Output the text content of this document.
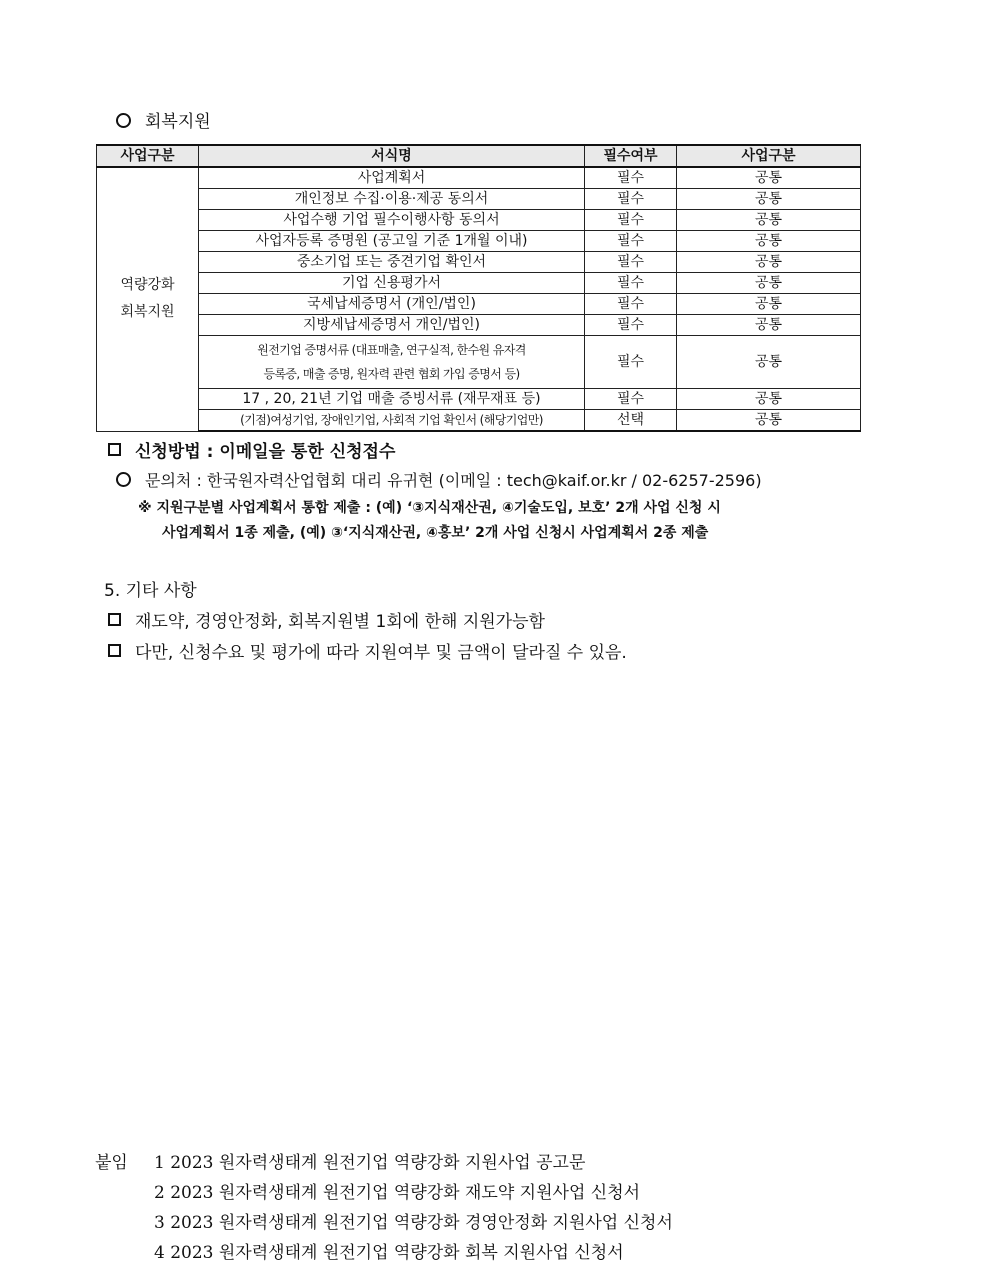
회복지원
사업구분	서식명	필수여부	사업구분

역량강화
회복지원	사업계획서	필수	공통
	개인정보 수집·이용·제공 동의서	필수	공통
	사업수행 기업 필수이행사항 동의서	필수	공통
	사업자등록 증명원 (공고일 기준 1개월 이내)	필수	공통
	중소기업 또는 중견기업 확인서	필수	공통
	기업 신용평가서	필수	공통
	국세납세증명서 (개인/법인)	필수	공통
	지방세납세증명서 개인/법인)	필수	공통

	원전기업 증명서류 (대표매출, 연구실적, 한수원 유자격
등록증, 매출 증명, 원자력 관련 협회 가입 증명서 등)	필수	공통
	17 , 20, 21년 기업 매출 증빙서류 (재무재표 등)	필수	공통
	(기점)여성기업, 장애인기업, 사회적 기업 확인서 (해당기업만)	선택	공통
신청방법 : 이메일을 통한 신청접수
문의처 : 한국원자력산업협회 대리 유귀현 (이메일 : tech@kaif.or.kr / 02-6257-2596)
※ 지원구분별 사업계획서 통합 제출 : (예) ‘③지식재산권, ④기술도입, 보호’ 2개 사업 신청 시
사업계획서 1종 제출, (예) ③‘지식재산권, ④홍보’ 2개 사업 신청시 사업계획서 2종 제출
5. 기타 사항
재도약, 경영안정화, 회복지원별 1회에 한해 지원가능함
다만, 신청수요 및 평가에 따라 지원여부 및 금액이 달라질 수 있음.
붙임 1 2023 원자력생태계 원전기업 역량강화 지원사업 공고문
2 2023 원자력생태계 원전기업 역량강화 재도약 지원사업 신청서
3 2023 원자력생태계 원전기업 역량강화 경영안정화 지원사업 신청서
4 2023 원자력생태계 원전기업 역량강화 회복 지원사업 신청서
